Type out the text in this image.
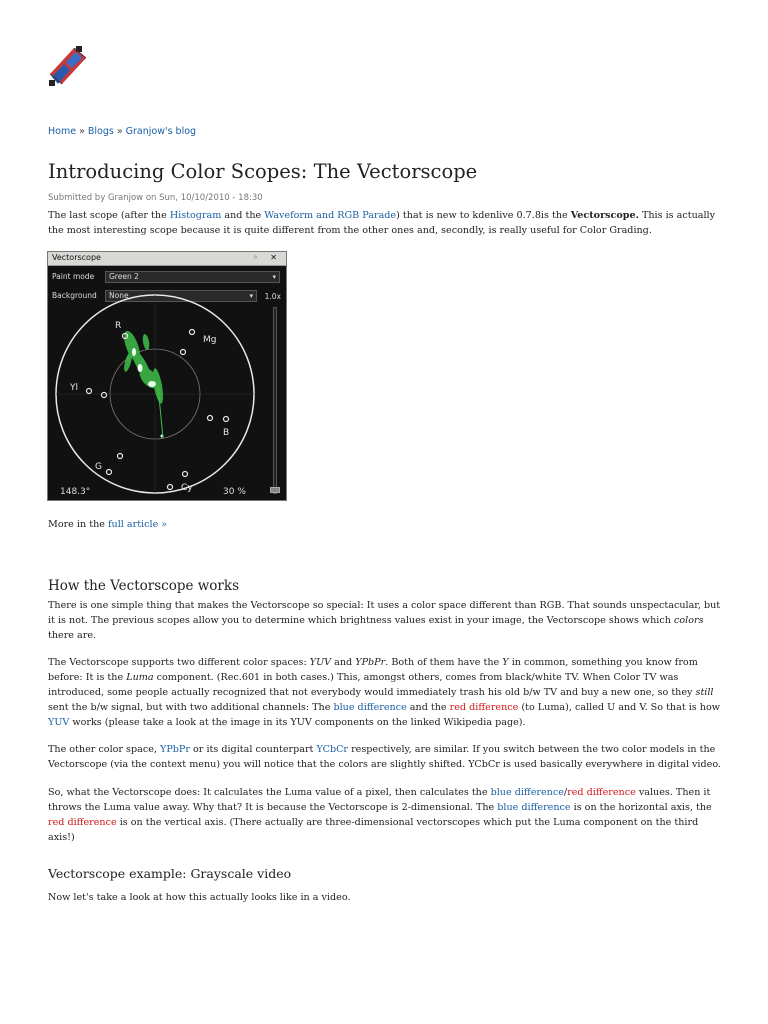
Home » Blogs » Granjow's blog
Introducing Color Scopes: The Vectorscope
Submitted by Granjow on Sun, 10/10/2010 - 18:30

The last scope (after the Histogram and the Waveform and RGB Parade) that is new to kdenlive 0.7.8is the Vectorscope. This is actually the most interesting scope because it is quite different from the other ones and, secondly, is really useful for Color Grading.

Vectorscope	◦ ✕
Paint mode	Green 2	▾
Background	None	▾ 1.0x
R
Mg
Yl
B
G
Cy
148.3°	30 %

More in the full article »

How the Vectorscope works

There is one simple thing that makes the Vectorscope so special: It uses a color space different than RGB. That sounds unspectacular, but it is not. The previous scopes allow you to determine which brightness values exist in your image, the Vectorscope shows which colors there are.

The Vectorscope supports two different color spaces: YUV and YPbPr. Both of them have the Y in common, something you know from before: It is the Luma component. (Rec.601 in both cases.) This, amongst others, comes from black/white TV. When Color TV was introduced, some people actually recognized that not everybody would immediately trash his old b/w TV and buy a new one, so they still sent the b/w signal, but with two additional channels: The blue difference and the red difference (to Luma), called U and V. So that is how YUV works (please take a look at the image in its YUV components on the linked Wikipedia page).

The other color space, YPbPr or its digital counterpart YCbCr respectively, are similar. If you switch between the two color models in the Vectorscope (via the context menu) you will notice that the colors are slightly shifted. YCbCr is used basically everywhere in digital video.

So, what the Vectorscope does: It calculates the Luma value of a pixel, then calculates the blue difference/red difference values. Then it throws the Luma value away. Why that? It is because the Vectorscope is 2-dimensional. The blue difference is on the horizontal axis, the red difference is on the vertical axis. (There actually are three-dimensional vectorscopes which put the Luma component on the third axis!)

Vectorscope example: Grayscale video

Now let's take a look at how this actually looks like in a video.
